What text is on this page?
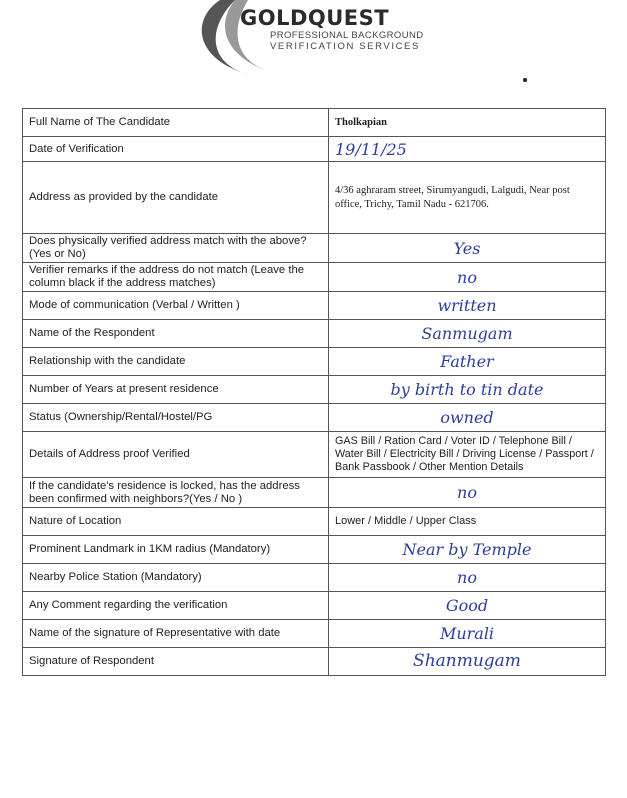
GOLDQUEST
PROFESSIONAL BACKGROUND
VERIFICATION SERVICES
Full Name of The Candidate	Tholkapian
Date of Verification	19/11/25

Address as provided by the candidate	4/36 aghraram street, Sirumyangudi, Lalgudi, Near post office, Trichy, Tamil Nadu - 621706.
Does physically verified address match with the above?(Yes or No)	Yes

Verifier remarks if the address do not match (Leave the column black if the address matches)	no

Mode of communication (Verbal / Written )	written

Name of the Respondent	Sanmugam

Relationship with the candidate	Father

Number of Years at present residence	by birth to tin date

Status (Ownership/Rental/Hostel/PG	owned

Details of Address proof Verified	GAS Bill / Ration Card / Voter ID / Telephone Bill / Water Bill / Electricity Bill / Driving License / Passport / Bank Passbook / Other Mention Details
If the candidate's residence is locked, has the address been confirmed with neighbors?(Yes / No )	no

Nature of Location	Lower / Middle / Upper Class
Prominent Landmark in 1KM radius (Mandatory)	Near by Temple

Nearby Police Station (Mandatory)	no

Any Comment regarding the verification	Good

Name of the signature of Representative with date	Murali

Signature of Respondent	Shanmugam
